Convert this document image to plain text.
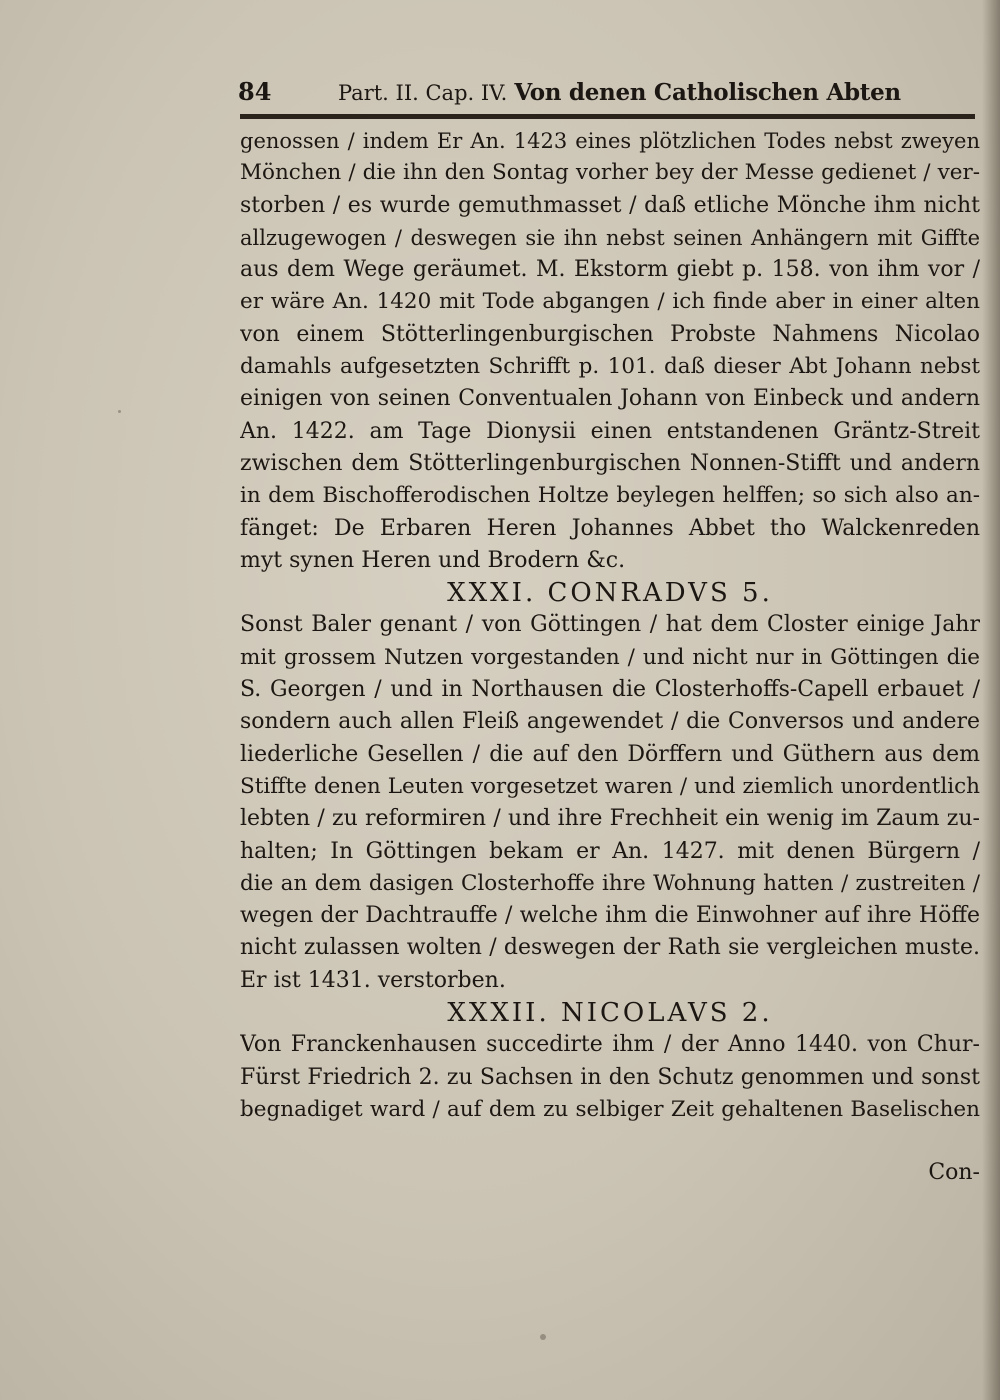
84	Part. II. Cap. IV. Von denen Catholischen Abten
genossen / indem Er An. 1423 eines plötzlichen Todes nebst zweyen
Mönchen / die ihn den Sontag vorher bey der Messe gedienet / ver-
storben / es wurde gemuthmasset / daß etliche Mönche ihm nicht
allzugewogen / deswegen sie ihn nebst seinen Anhängern mit Giffte
aus dem Wege geräumet. M. Ekstorm giebt p. 158. von ihm vor /
er wäre An. 1420 mit Tode abgangen / ich finde aber in einer alten
von einem Stötterlingenburgischen Probste Nahmens Nicolao
damahls aufgesetzten Schrifft p. 101. daß dieser Abt Johann nebst
einigen von seinen Conventualen Johann von Einbeck und andern
An. 1422. am Tage Dionysii einen entstandenen Gräntz-Streit
zwischen dem Stötterlingenburgischen Nonnen-Stifft und andern
in dem Bischofferodischen Holtze beylegen helffen; so sich also an-
fänget: De Erbaren Heren Johannes Abbet tho Walckenreden
myt synen Heren und Brodern &c.
XXXI. CONRADVS 5.
Sonst Baler genant / von Göttingen / hat dem Closter einige Jahr
mit grossem Nutzen vorgestanden / und nicht nur in Göttingen die
S. Georgen / und in Northausen die Closterhoffs-Capell erbauet /
sondern auch allen Fleiß angewendet / die Conversos und andere
liederliche Gesellen / die auf den Dörffern und Güthern aus dem
Stiffte denen Leuten vorgesetzet waren / und ziemlich unordentlich
lebten / zu reformiren / und ihre Frechheit ein wenig im Zaum zu-
halten; In Göttingen bekam er An. 1427. mit denen Bürgern /
die an dem dasigen Closterhoffe ihre Wohnung hatten / zustreiten /
wegen der Dachtrauffe / welche ihm die Einwohner auf ihre Höffe
nicht zulassen wolten / deswegen der Rath sie vergleichen muste.
Er ist 1431. verstorben.
XXXII. NICOLAVS 2.
Von Franckenhausen succedirte ihm / der Anno 1440. von Chur-
Fürst Friedrich 2. zu Sachsen in den Schutz genommen und sonst
begnadiget ward / auf dem zu selbiger Zeit gehaltenen Baselischen
Con-
